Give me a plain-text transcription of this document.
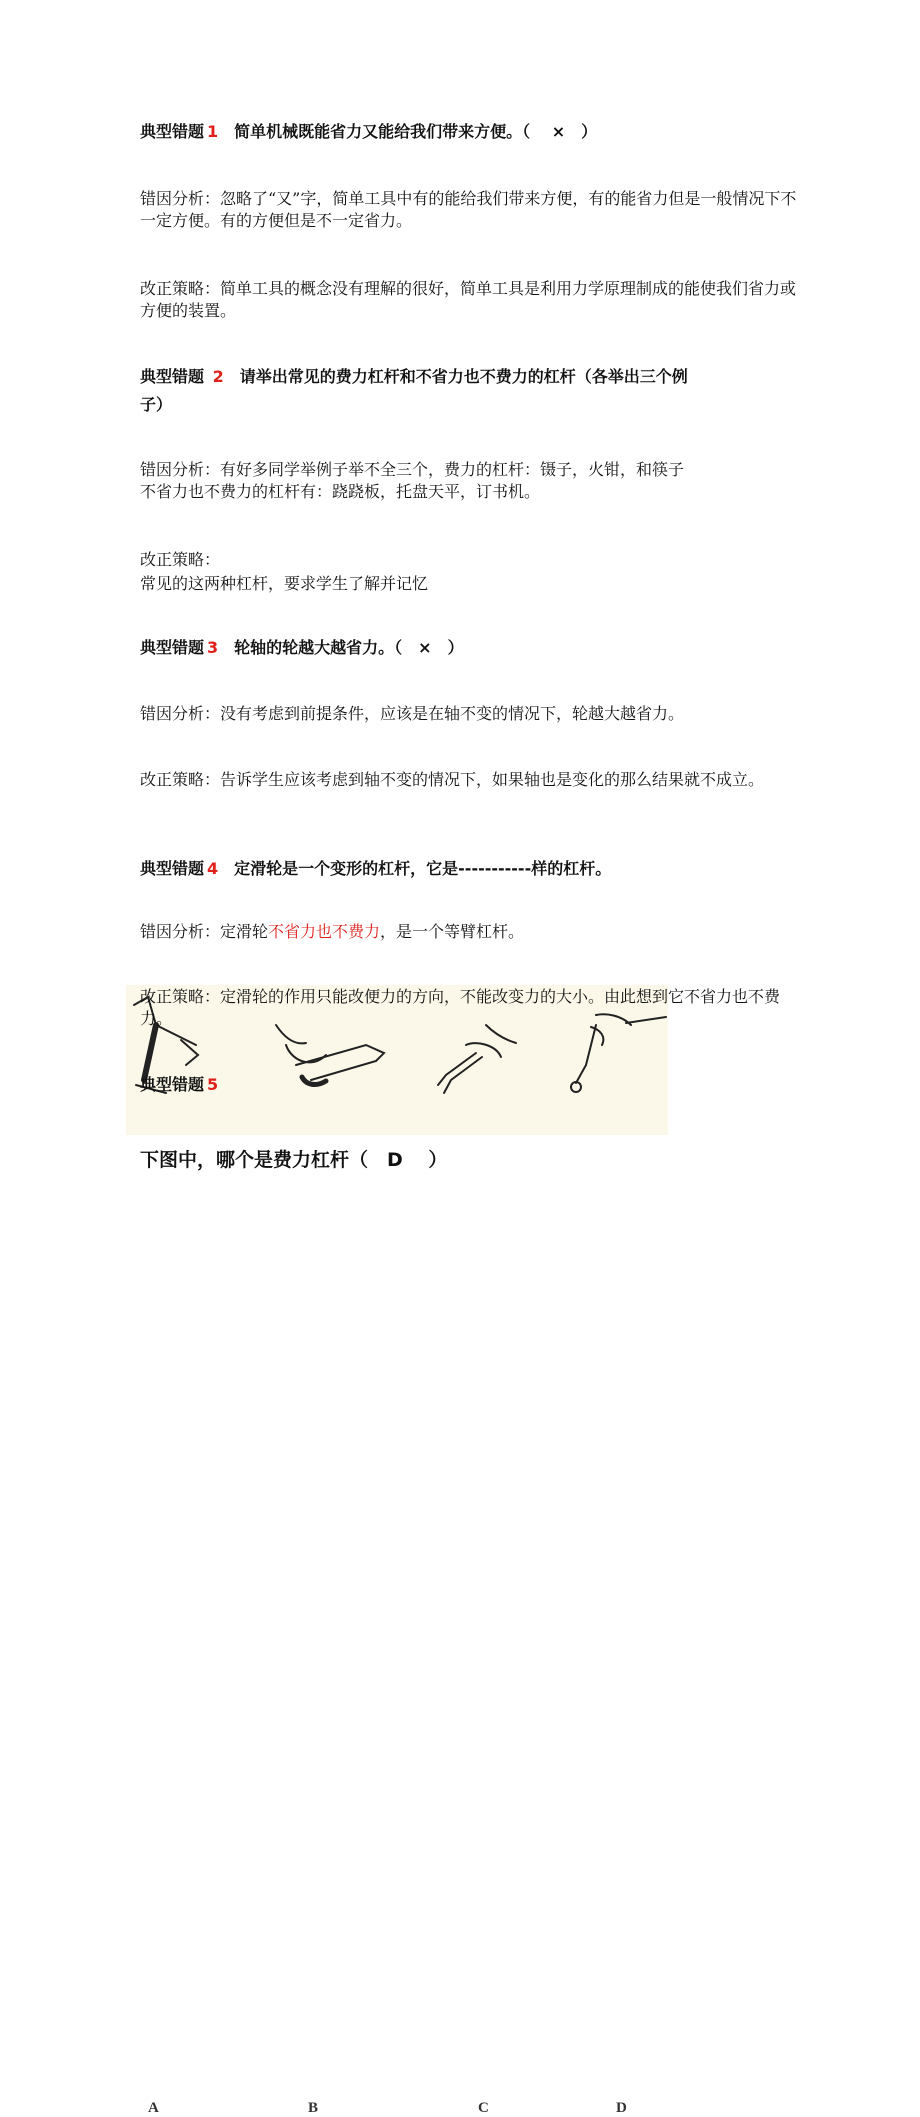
典型错题 1 简单机械既能省力又能给我们带来方便。（　 ×　）
错因分析：忽略了“又”字，简单工具中有的能给我们带来方便，有的能省力但是一般情况下不一定方便。有的方便但是不一定省力。
改正策略：简单工具的概念没有理解的很好，简单工具是利用力学原理制成的能使我们省力或方便的装置。
典型错题 2 请举出常见的费力杠杆和不省力也不费力的杠杆（各举出三个例
子）
错因分析：有好多同学举例子举不全三个，费力的杠杆：镊子，火钳，和筷子
不省力也不费力的杠杆有：跷跷板，托盘天平，订书机。
改正策略：
常见的这两种杠杆，要求学生了解并记忆
典型错题 3 轮轴的轮越大越省力。（　×　）
错因分析：没有考虑到前提条件，应该是在轴不变的情况下，轮越大越省力。
改正策略：告诉学生应该考虑到轴不变的情况下，如果轴也是变化的那么结果就不成立。
典型错题 4 定滑轮是一个变形的杠杆，它是-----------样的杠杆。
错因分析：定滑轮不省力也不费力，是一个等臂杠杆。
A	B	C	D
改正策略：定滑轮的作用只能改便力的方向，不能改变力的大小。由此想到它不省力也不费力。
典型错题 5
下图中，哪个是费力杠杆（　D　 ）
